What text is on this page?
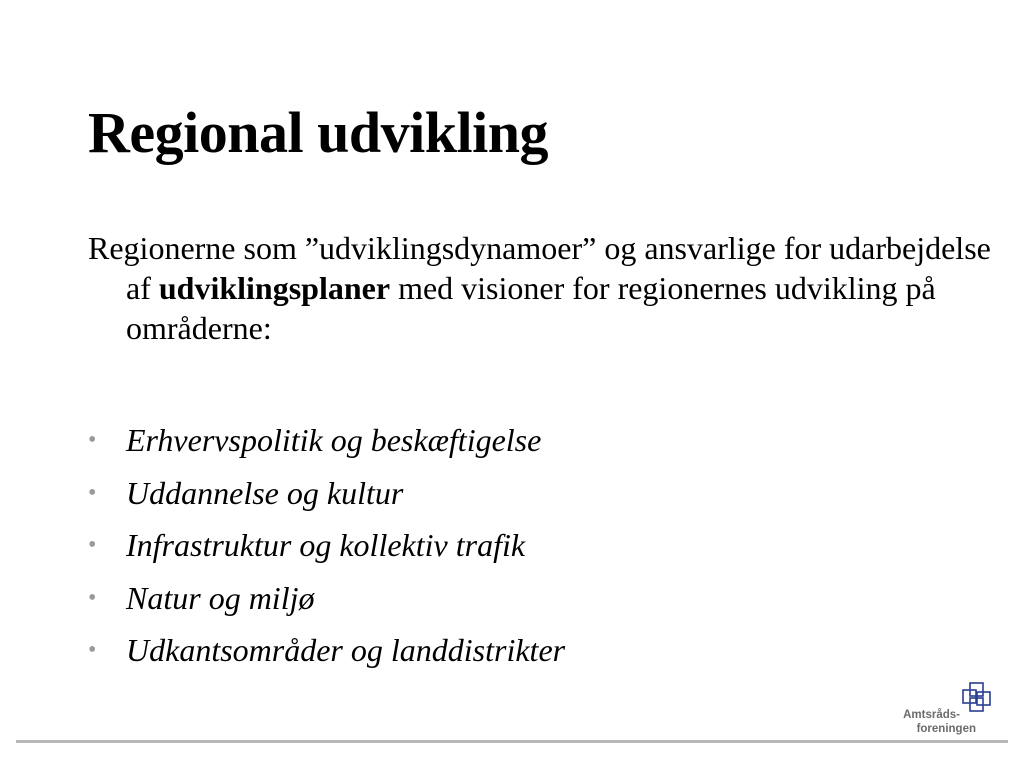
Regional udvikling
Regionerne som ”udviklingsdynamoer” og ansvarlige for udarbejdelse af udviklingsplaner med visioner for regionernes udvikling på områderne:
• Erhvervspolitik og beskæftigelse
• Uddannelse og kultur
• Infrastruktur og kollektiv trafik
• Natur og miljø
• Udkantsområder og landdistrikter
Amtsråds-
foreningen
